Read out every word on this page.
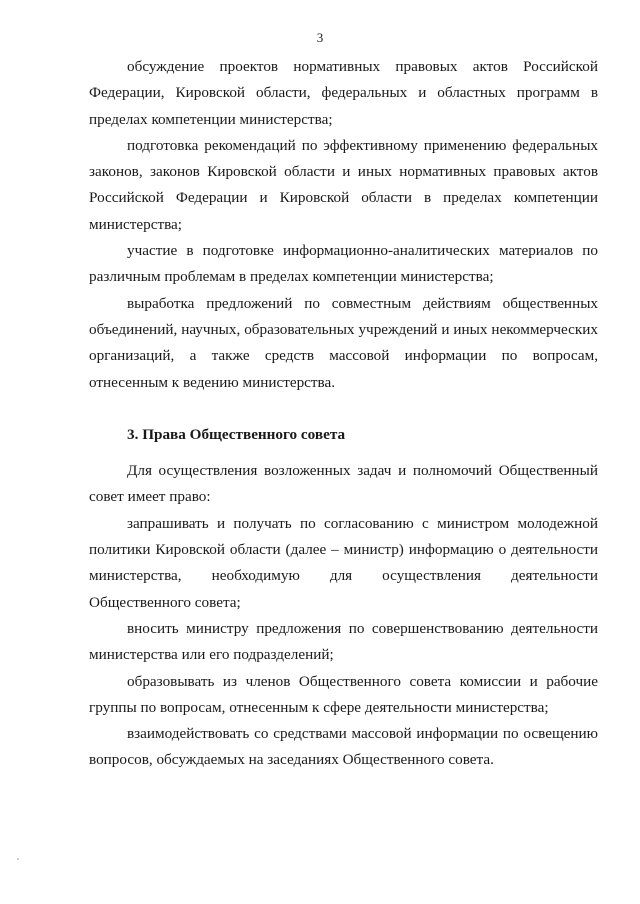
3

обсуждение проектов нормативных правовых актов Российской Федерации, Кировской области, федеральных и областных программ в пределах компетенции министерства;

подготовка рекомендаций по эффективному применению федеральных законов, законов Кировской области и иных нормативных правовых актов Российской Федерации и Кировской области в пределах компетенции министерства;

участие в подготовке информационно-аналитических материалов по различным проблемам в пределах компетенции министерства;

выработка предложений по совместным действиям общественных объединений, научных, образовательных учреждений и иных некоммерческих организаций, а также средств массовой информации по вопросам, отнесенным к ведению министерства.

3. Права Общественного совета

Для осуществления возложенных задач и полномочий Общественный совет имеет право:

запрашивать и получать по согласованию с министром молодежной политики Кировской области (далее – министр) информацию о деятельности министерства, необходимую для осуществления деятельности Общественного совета;

вносить министру предложения по совершенствованию деятельности министерства или его подразделений;

образовывать из членов Общественного совета комиссии и рабочие группы по вопросам, отнесенным к сфере деятельности министерства;

взаимодействовать со средствами массовой информации по освещению вопросов, обсуждаемых на заседаниях Общественного совета.
